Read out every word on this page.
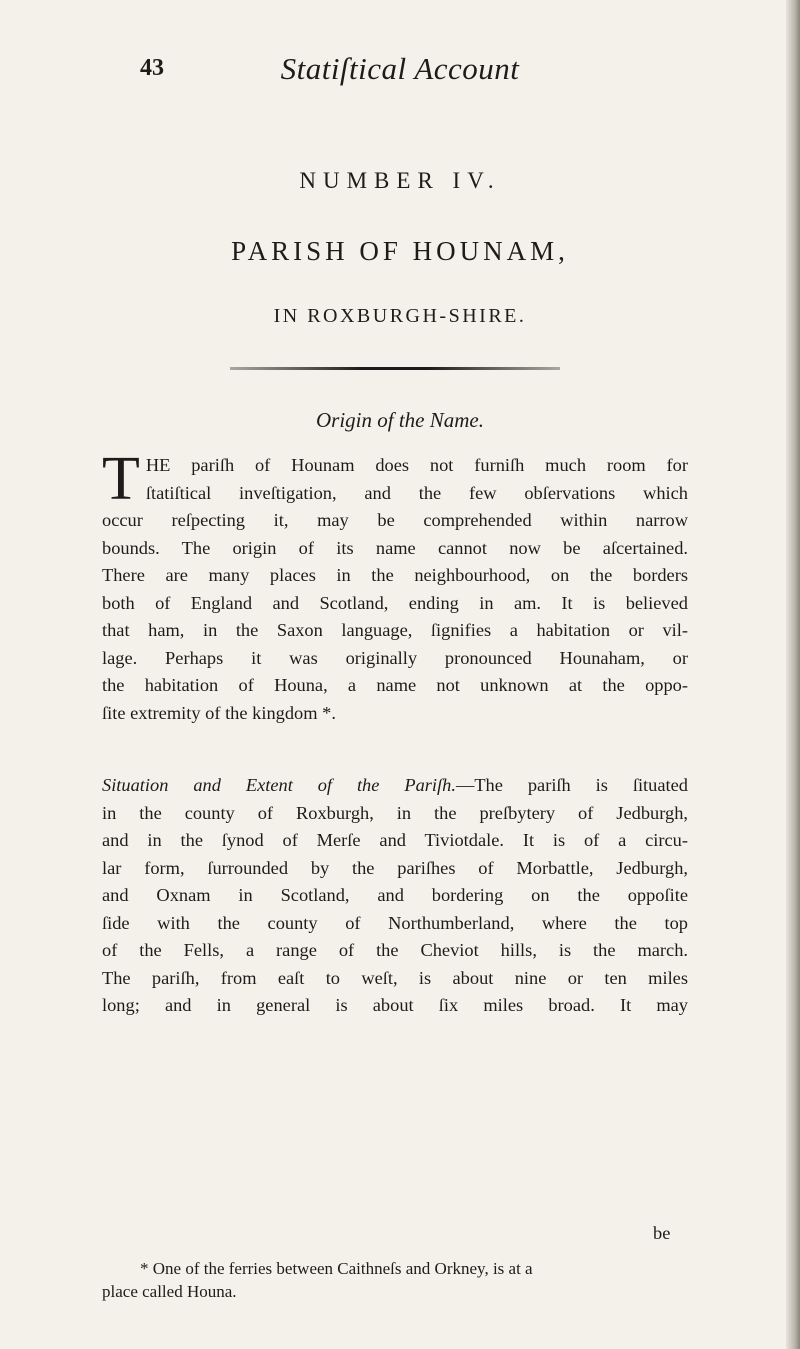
43	Statiſtical Account
NUMBER IV.
PARISH OF HOUNAM,
IN ROXBURGH-SHIRE.
Origin of the Name.
T HE pariſh of Hounam does not furniſh much room for
ſtatiſtical inveſtigation, and the few obſervations which
occur reſpecting it, may be comprehended within narrow
bounds. The origin of its name cannot now be aſcertained.
There are many places in the neighbourhood, on the borders
both of England and Scotland, ending in am. It is believed
that ham, in the Saxon language, ſignifies a habitation or vil-
lage. Perhaps it was originally pronounced Hounaham, or
the habitation of Houna, a name not unknown at the oppo-
ſite extremity of the kingdom *.
Situation and Extent of the Pariſh.—The pariſh is ſituated
in the county of Roxburgh, in the preſbytery of Jedburgh,
and in the ſynod of Merſe and Tiviotdale. It is of a circu-
lar form, ſurrounded by the pariſhes of Morbattle, Jedburgh,
and Oxnam in Scotland, and bordering on the oppoſite
ſide with the county of Northumberland, where the top
of the Fells, a range of the Cheviot hills, is the march.
The pariſh, from eaſt to weſt, is about nine or ten miles
long; and in general is about ſix miles broad. It may
be
* One of the ferries between Caithneſs and Orkney, is at a
place called Houna.
